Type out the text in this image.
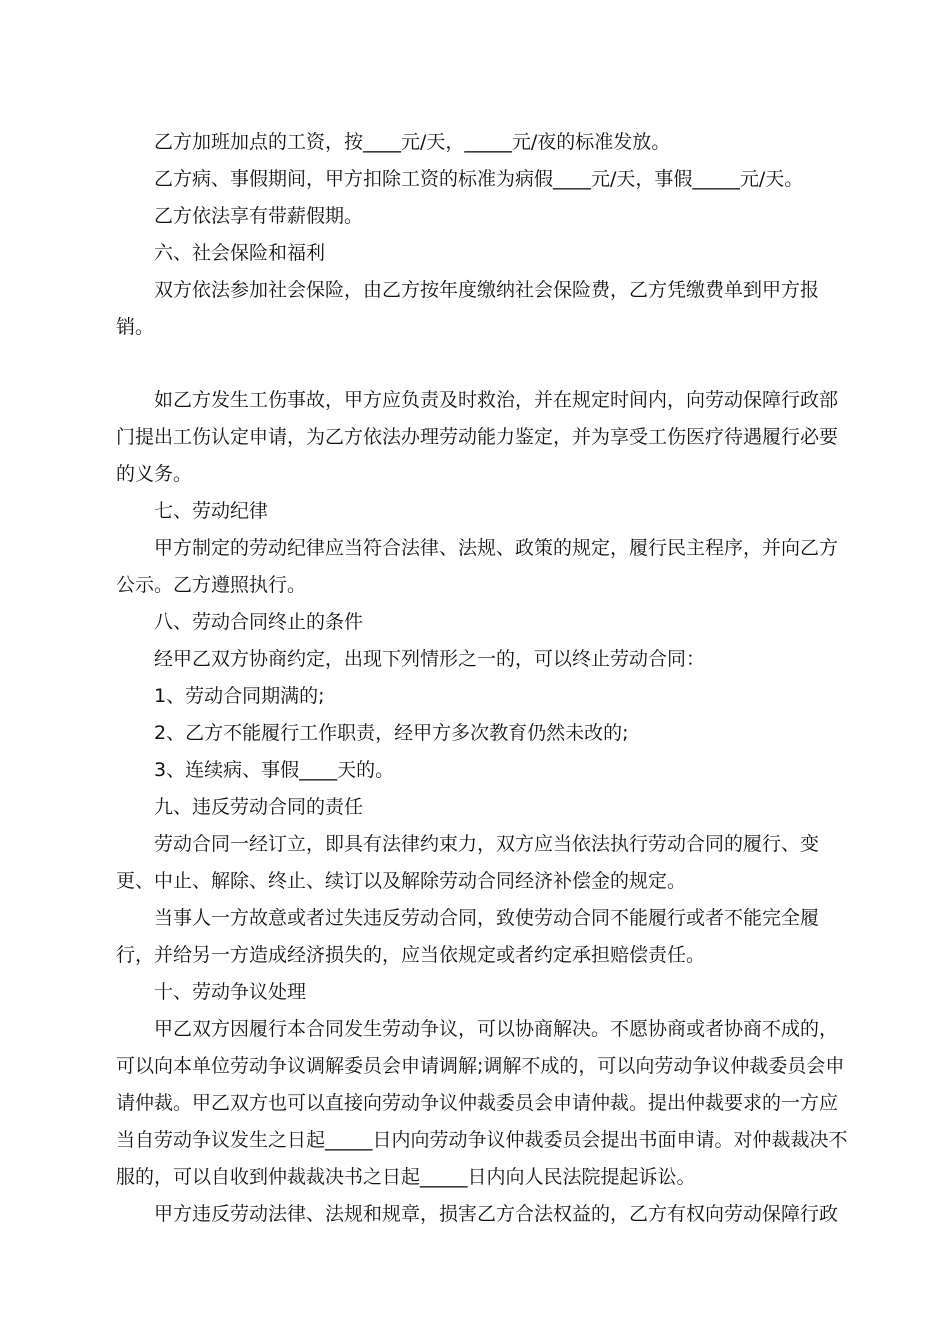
乙方加班加点的工资，按____元/天，_____元/夜的标准发放。

乙方病、事假期间，甲方扣除工资的标准为病假____元/天，事假_____元/天。

乙方依法享有带薪假期。

六、社会保险和福利

双方依法参加社会保险，由乙方按年度缴纳社会保险费，乙方凭缴费单到甲方报销。

如乙方发生工伤事故，甲方应负责及时救治，并在规定时间内，向劳动保障行政部门提出工伤认定申请，为乙方依法办理劳动能力鉴定，并为享受工伤医疗待遇履行必要的义务。

七、劳动纪律

甲方制定的劳动纪律应当符合法律、法规、政策的规定，履行民主程序，并向乙方公示。乙方遵照执行。

八、劳动合同终止的条件

经甲乙双方协商约定，出现下列情形之一的，可以终止劳动合同：

1、劳动合同期满的;

2、乙方不能履行工作职责，经甲方多次教育仍然未改的;

3、连续病、事假____天的。

九、违反劳动合同的责任

劳动合同一经订立，即具有法律约束力，双方应当依法执行劳动合同的履行、变更、中止、解除、终止、续订以及解除劳动合同经济补偿金的规定。

当事人一方故意或者过失违反劳动合同，致使劳动合同不能履行或者不能完全履行，并给另一方造成经济损失的，应当依规定或者约定承担赔偿责任。

十、劳动争议处理

甲乙双方因履行本合同发生劳动争议，可以协商解决。不愿协商或者协商不成的，可以向本单位劳动争议调解委员会申请调解;调解不成的，可以向劳动争议仲裁委员会申请仲裁。甲乙双方也可以直接向劳动争议仲裁委员会申请仲裁。提出仲裁要求的一方应当自劳动争议发生之日起_____日内向劳动争议仲裁委员会提出书面申请。对仲裁裁决不服的，可以自收到仲裁裁决书之日起_____日内向人民法院提起诉讼。

甲方违反劳动法律、法规和规章，损害乙方合法权益的，乙方有权向劳动保障行政
